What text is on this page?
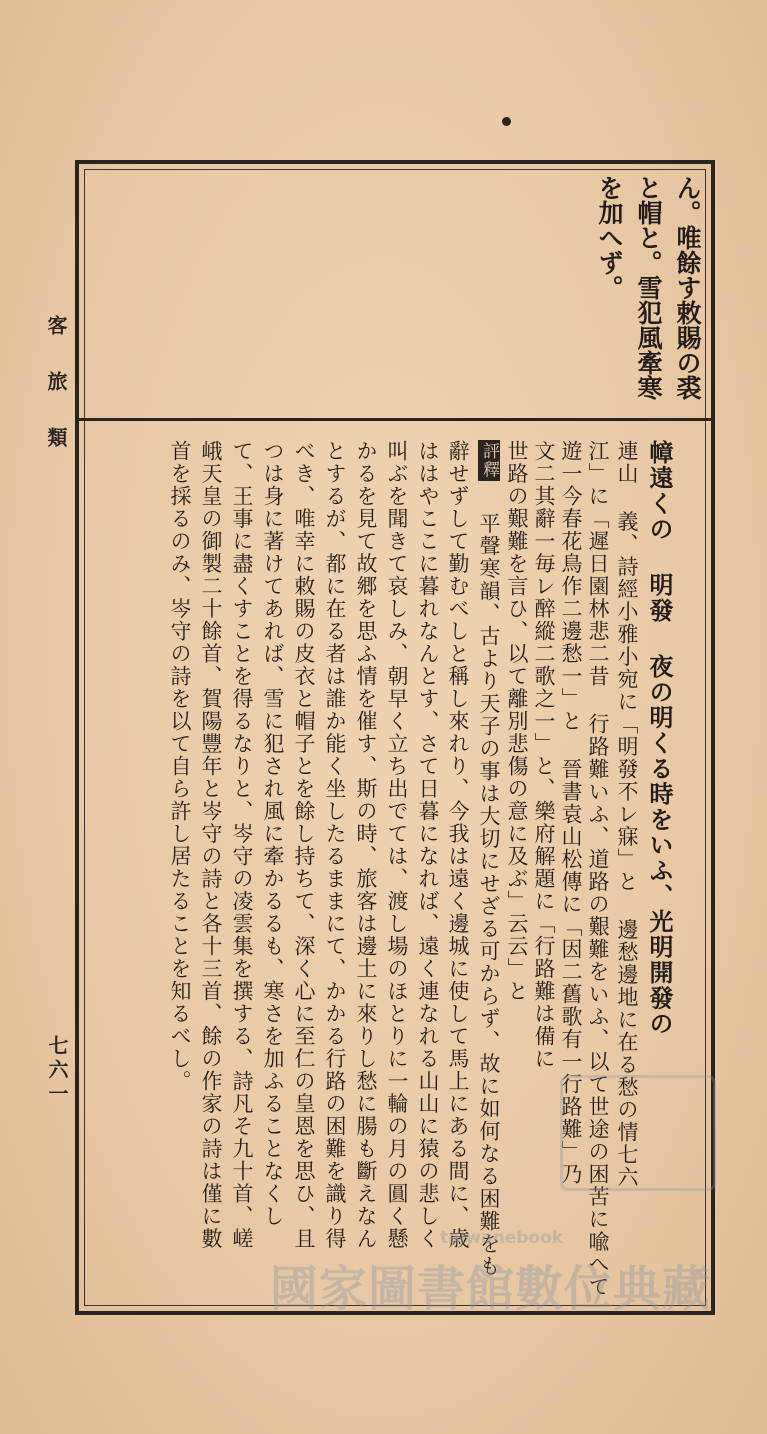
ん。唯餘す敕賜の裘
と帽と。雪犯風牽寒
を加へず。
幛遠くの 明發 夜の明くる時をいふ、光明開發の
連山 義、詩經小雅小宛に「明發不レ寐」と 邊愁邊地に在る愁の情七六
江」に「遲日園林悲二昔 行路難いふ、道路の艱難をいふ、以て世途の困苦に喩へて
遊一今春花鳥作二邊愁一」と 晉書袁山松傳に「因二舊歌有一行路難」乃
文二其辭一毎レ醉縱二歌之一」と、樂府解題に「行路難は備に
世路の艱難を言ひ、以て離別悲傷の意に及ぶ」云云」と
評釋 平聲寒韻、古より天子の事は大切にせざる可からず、故に如何なる困難をも
辭せずして勤むべしと稱し來れり、今我は遠く邊城に使して馬上にある間に、歳
ははやここに暮れなんとす、さて日暮になれば、遠く連なれる山山に猿の悲しく
叫ぶを聞きて哀しみ、朝早く立ち出でては、渡し場のほとりに一輪の月の圓く懸
かるを見て故郷を思ふ情を催す、斯の時、旅客は邊土に來りし愁に腸も斷えなん
とするが、都に在る者は誰か能く坐したるままにて、かかる行路の困難を識り得
べき、唯幸に敕賜の皮衣と帽子とを餘し持ちて、深く心に至仁の皇恩を思ひ、且
つは身に著けてあれば、雪に犯され風に牽かるるも、寒さを加ふることなくし
て、王事に盡くすことを得るなりと、岑守の凌雲集を撰する、詩凡そ九十首、嵯
峨天皇の御製二十餘首、賀陽豐年と岑守の詩と各十三首、餘の作家の詩は僅に數
首を採るのみ、岑守の詩を以て自ら許し居たることを知るべし。
客旅類
七六一
taiwanebook
國家圖書館數位典藏
